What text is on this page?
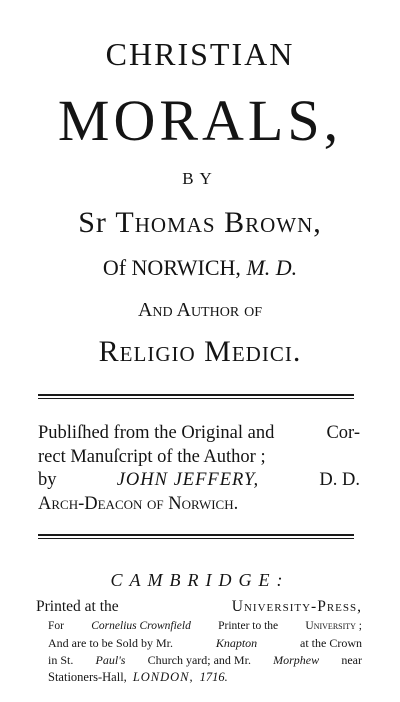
CHRISTIAN
MORALS,
BY
Sr Thomas Brown,
Of NORWICH, M. D.
And Author of
Religio Medici.
Publiſhed from the Original and	Cor-
rect Manuſcript of the Author ;
by	JOHN JEFFERY,	D. D.
Arch-Deacon of Norwich.
CAMBRIDGE:
Printed at the	University-Press,
For Cornelius Crownfield Printer to the University ;
And are to be Sold by Mr.	Knapton	at the Crown
in St. Paul's Church yard; and Mr. Morphew near
Stationers-Hall, LONDON, 1716.
